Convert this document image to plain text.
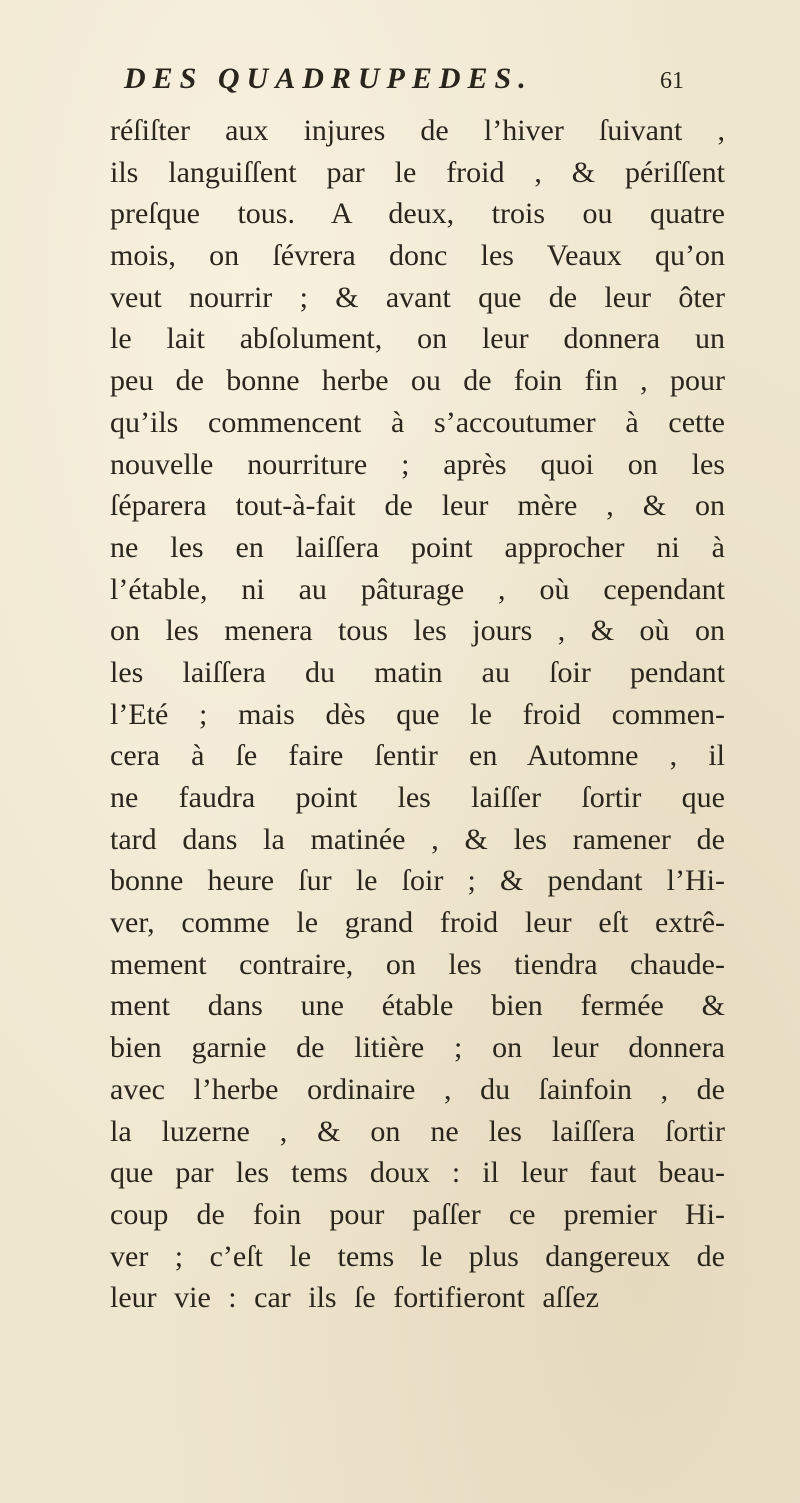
DES QUADRUPEDES.	61
réſiſter aux injures de l’hiver ſuivant ,
ils languiſſent par le froid , & périſſent
preſque tous. A deux, trois ou quatre
mois, on ſévrera donc les Veaux qu’on
veut nourrir ; & avant que de leur ôter
le lait abſolument, on leur donnera un
peu de bonne herbe ou de foin fin , pour
qu’ils commencent à s’accoutumer à cette
nouvelle nourriture ; après quoi on les
ſéparera tout-à-fait de leur mère , & on
ne les en laiſſera point approcher ni à
l’étable, ni au pâturage , où cependant
on les menera tous les jours , & où on
les laiſſera du matin au ſoir pendant
l’Eté ; mais dès que le froid commen-
cera à ſe faire ſentir en Automne , il
ne faudra point les laiſſer ſortir que
tard dans la matinée , & les ramener de
bonne heure ſur le ſoir ; & pendant l’Hi-
ver, comme le grand froid leur eſt extrê-
mement contraire, on les tiendra chaude-
ment dans une étable bien fermée &
bien garnie de litière ; on leur donnera
avec l’herbe ordinaire , du ſainfoin , de
la luzerne , & on ne les laiſſera ſortir
que par les tems doux : il leur faut beau-
coup de foin pour paſſer ce premier Hi-
ver ; c’eſt le tems le plus dangereux de
leur vie : car ils ſe fortifieront aſſez
